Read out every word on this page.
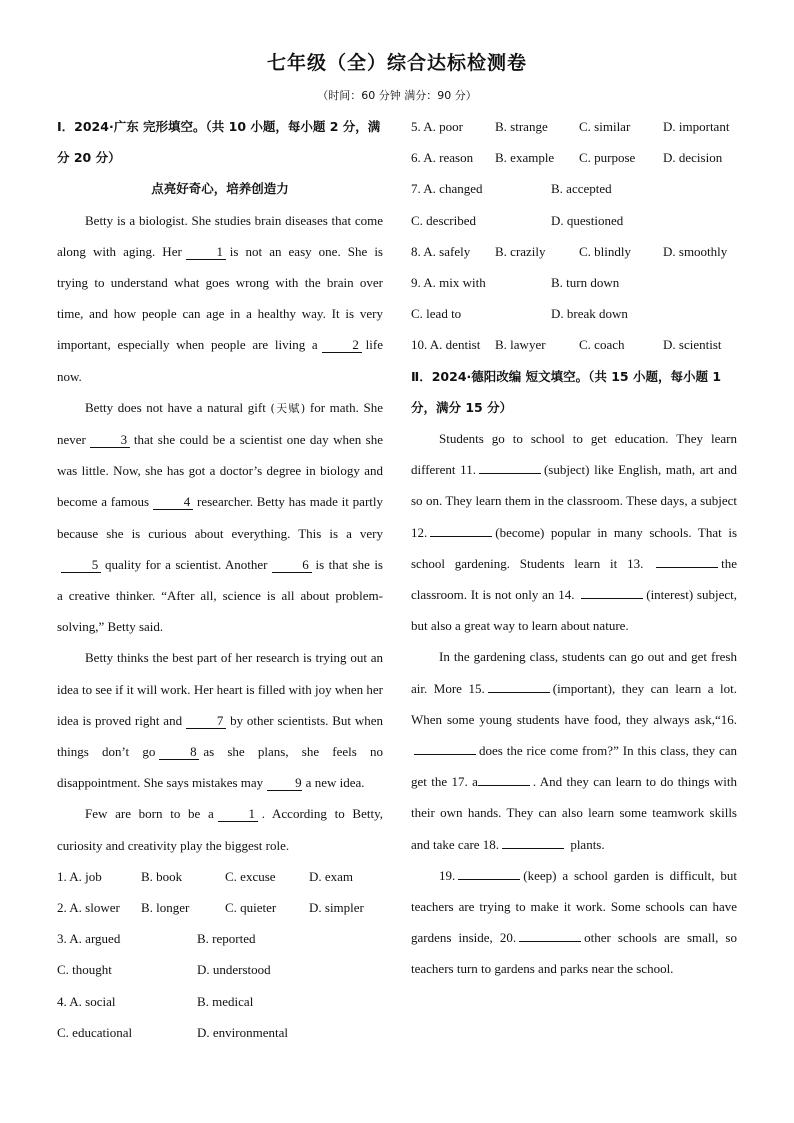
七年级（全）综合达标检测卷
（时间：60 分钟 满分：90 分）

Ⅰ．2024·广东 完形填空。（共 10 小题，每小题 2 分，满分 20 分）

点亮好奇心，培养创造力

Betty is a biologist. She studies brain diseases that come along with aging. Her	1 is not an easy one. She is trying to understand what goes wrong with the brain over time, and how people can age in a healthy way. It is very important, especially when people are living a	2 life now.

Betty does not have a natural gift (天赋) for math. She never	3 that she could be a scientist one day when she was little. Now, she has got a doctor’s degree in biology and become a famous	4 researcher. Betty has made it partly because she is curious about everything. This is a very5 quality for a scientist. Another	6 is that she is a creative thinker. “After all, science is all about problem-solving,” Betty said.

Betty thinks the best part of her research is trying out an idea to see if it will work. Her heart is filled with joy when her idea is proved right and	7 by other scientists. But when things don’t go	8 as she plans, she feels no disappointment. She says mistakes may 9 a new idea.

Few are born to be a	1 . According to Betty, curiosity and creativity play the biggest role.

1. A. job	B. book	C. excuse	D. exam

2. A. slower	B. longer	C. quieter	D. simpler

3. A. argued	B. reported

C. thought	D. understood

4. A. social	B. medical

C. educational	D. environmental

5. A. poor	B. strange	C. similar	D. important

6. A. reason	B. example	C. purpose	D. decision

7. A. changed	B. accepted

C. described	D. questioned

8. A. safely	B. crazily	C. blindly	D. smoothly

9. A. mix with	B. turn down

C. lead to	D. break down

10. A. dentist	B. lawyer	C. coach	D. scientist

Ⅱ．2024·德阳改编 短文填空。（共 15 小题，每小题 1 分，满分 15 分）

Students go to school to get education. They learn different 11.	(subject) like English, math, art and so on. They learn them in the classroom. These days, a subject 12.	(become) popular in many schools. That is school gardening. Students learn it 13.	the classroom. It is not only an 14.	(interest) subject, but also a great way to learn about nature.

In the gardening class, students can go out and get fresh air. More 15.	(important), they can learn a lot. When some young students have food, they always ask,“16.does the rice come from?” In this class, they can get the 17. a	. And they can learn to do things with their own hands. They can also learn some teamwork skills and take care 18.	plants.

19.	(keep) a school garden is difficult, but teachers are trying to make it work. Some schools can have gardens inside, 20.	other schools are small, so teachers turn to gardens and parks near the school.
